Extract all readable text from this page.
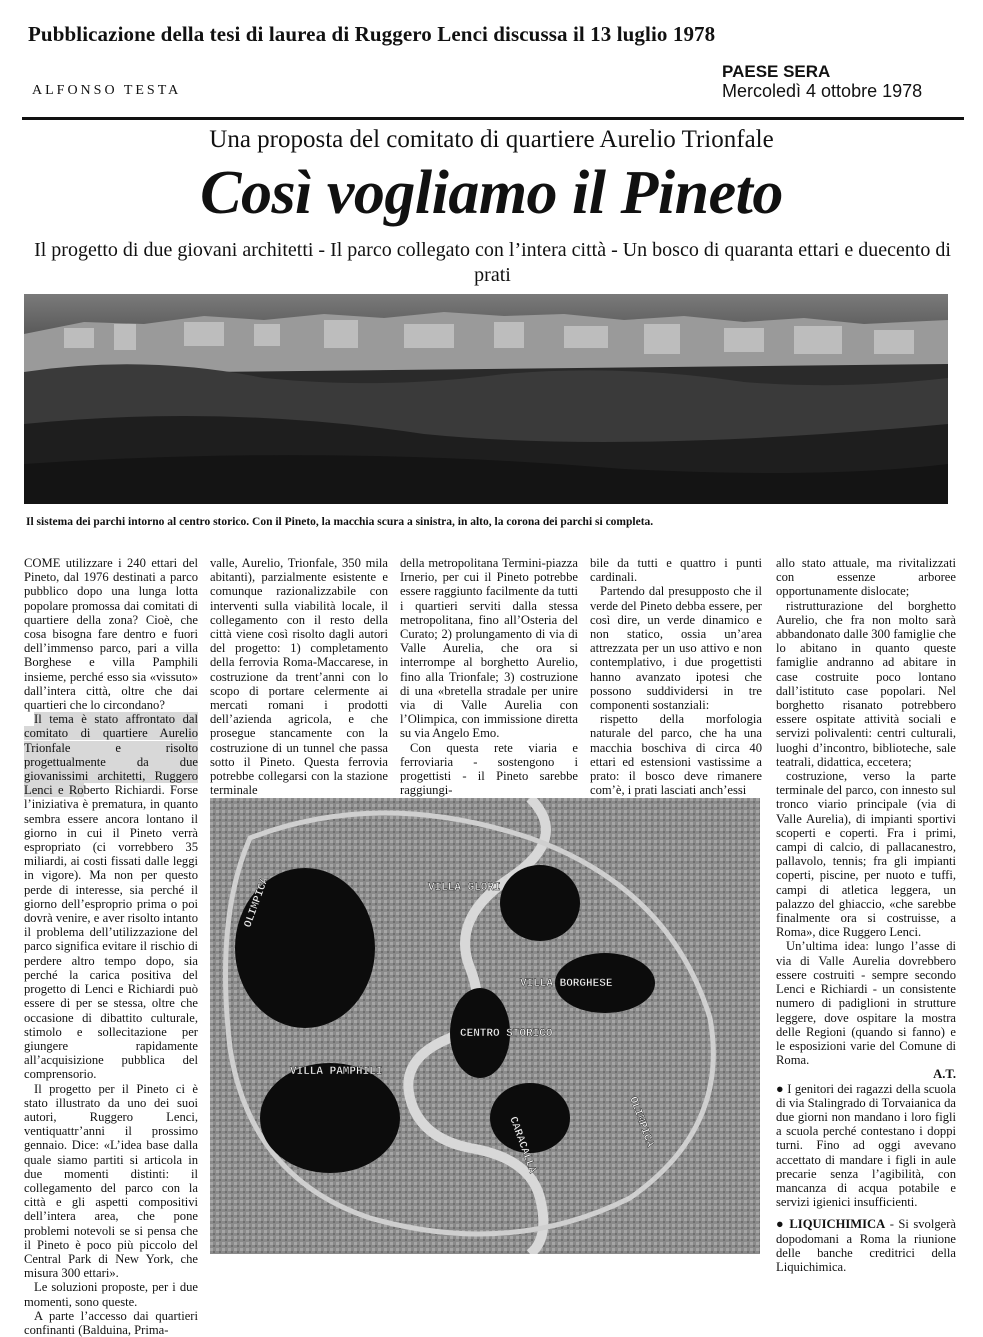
Pubblicazione della tesi di laurea di Ruggero Lenci discussa il 13 luglio 1978
ALFONSO TESTA
PAESE SERA
Mercoledì 4 ottobre 1978
Una proposta del comitato di quartiere Aurelio Trionfale
Così vogliamo il Pineto
Il progetto di due giovani architetti - Il parco collegato con l’intera città - Un bosco di quaranta ettari e duecento di prati
Il sistema dei parchi intorno al centro storico. Con il Pineto, la macchia scura a sinistra, in alto, la corona dei parchi si completa.

COME utilizzare i 240 ettari del Pineto, dal 1976 destinati a parco pubblico dopo una lunga lotta popolare promossa dai comitati di quartiere della zona? Cioè, che cosa bisogna fare dentro e fuori dell’immenso parco, pari a villa Borghese e villa Pamphili insieme, perché esso sia «vissuto» dall’intera città, oltre che dai quartieri che lo circondano?

Il tema è stato affrontato dal comitato di quartiere Aurelio Trionfale e risolto progettualmente da due giovanissimi architetti, Ruggero Lenci e Roberto Richiardi. Forse l’iniziativa è prematura, in quanto sembra essere ancora lontano il giorno in cui il Pineto verrà espropriato (ci vorrebbero 35 miliardi, ai costi fissati dalle leggi in vigore). Ma non per questo perde di interesse, sia perché il giorno dell’esproprio prima o poi dovrà venire, e aver risolto intanto il problema dell’utilizzazione del parco significa evitare il rischio di perdere altro tempo dopo, sia perché la carica positiva del progetto di Lenci e Richiardi può essere di per se stessa, oltre che occasione di dibattito culturale, stimolo e sollecitazione per giungere rapidamente all’acquisizione pubblica del comprensorio.

Il progetto per il Pineto ci è stato illustrato da uno dei suoi autori, Ruggero Lenci, ventiquattr’anni il prossimo gennaio. Dice: «L’idea base dalla quale siamo partiti si articola in due momenti distinti: il collegamento del parco con la città e gli aspetti compositivi dell’intera area, che pone problemi notevoli se si pensa che il Pineto è poco più piccolo del Central Park di New York, che misura 300 ettari».

Le soluzioni proposte, per i due momenti, sono queste.

A parte l’accesso dai quartieri confinanti (Balduina, Prima-

valle, Aurelio, Trionfale, 350 mila abitanti), parzialmente esistente e comunque razionalizzabile con interventi sulla viabilità locale, il collegamento con il resto della città viene così risolto dagli autori del progetto: 1) completamento della ferrovia Roma-Maccarese, in costruzione da trent’anni con lo scopo di portare celermente ai mercati romani i prodotti dell’azienda agricola, e che prosegue stancamente con la costruzione di un tunnel che passa sotto il Pineto. Questa ferrovia potrebbe collegarsi con la stazione terminale

della metropolitana Termini-piazza Irnerio, per cui il Pineto potrebbe essere raggiunto facilmente da tutti i quartieri serviti dalla stessa metropolitana, fino all’Osteria del Curato; 2) prolungamento di via di Valle Aurelia, che ora si interrompe al borghetto Aurelio, fino alla Trionfale; 3) costruzione di una «bretella stradale per unire via di Valle Aurelia con l’Olimpica, con immissione diretta su via Angelo Emo.

Con questa rete viaria e ferroviaria - sostengono i progettisti - il Pineto sarebbe raggiungi-

bile da tutti e quattro i punti cardinali.

Partendo dal presupposto che il verde del Pineto debba essere, per così dire, un verde dinamico e non statico, ossia un’area attrezzata per un uso attivo e non contemplativo, i due progettisti hanno avanzato ipotesi che possono suddividersi in tre componenti sostanziali:

rispetto della morfologia naturale del parco, che ha una macchia boschiva di circa 40 ettari ed estensioni vastissime a prato: il bosco deve rimanere com’è, i prati lasciati anch’essi

allo stato attuale, ma rivitalizzati con essenze arboree opportunamente dislocate;

ristrutturazione del borghetto Aurelio, che fra non molto sarà abbandonato dalle 300 famiglie che lo abitano in quanto queste famiglie andranno ad abitare in case costruite poco lontano dall’istituto case popolari. Nel borghetto risanato potrebbero essere ospitate attività sociali e servizi polivalenti: centri culturali, luoghi d’incontro, biblioteche, sale teatrali, didattica, eccetera;

costruzione, verso la parte terminale del parco, con innesto sul tronco viario principale (via di Valle Aurelia), di impianti sportivi scoperti e coperti. Fra i primi, campi di calcio, di pallacanestro, pallavolo, tennis; fra gli impianti coperti, piscine, per nuoto e tuffi, campi di atletica leggera, un palazzo del ghiaccio, «che sarebbe finalmente ora si costruisse, a Roma», dice Ruggero Lenci.

Un’ultima idea: lungo l’asse di via di Valle Aurelia dovrebbero essere costruiti - sempre secondo Lenci e Richiardi - un consistente numero di padiglioni in strutture leggere, dove ospitare la mostra delle Regioni (quando si fanno) e le esposizioni varie del Comune di Roma.

A.T.

● I genitori dei ragazzi della scuola di via Stalingrado di Torvaianica da due giorni non mandano i loro figli a scuola perché contestano i doppi turni. Fino ad oggi avevano accettato di mandare i figli in aule precarie senza l’agibilità, con mancanza di acqua potabile e servizi igienici insufficienti.

● LIQUICHIMICA - Si svolgerà dopodomani a Roma la riunione delle banche creditrici della Liquichimica.

VILLA GLORI
VILLA BORGHESE
CENTRO STORICO
VILLA PAMPHILI
CARACALLA
OLIMPICA
OLIMPICA
